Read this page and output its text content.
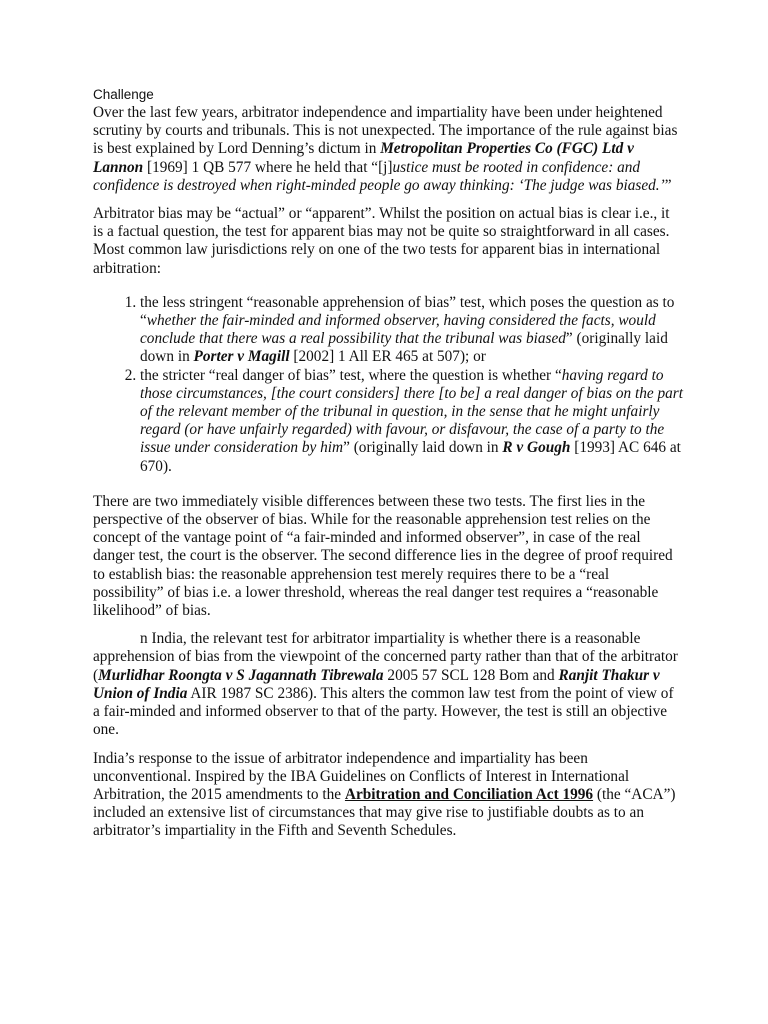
Challenge

Over the last few years, arbitrator independence and impartiality have been under heightened scrutiny by courts and tribunals. This is not unexpected. The importance of the rule against bias is best explained by Lord Denning’s dictum in Metropolitan Properties Co (FGC) Ltd v Lannon [1969] 1 QB 577 where he held that “[j]ustice must be rooted in confidence: and confidence is destroyed when right-minded people go away thinking: ‘The judge was biased.’”

Arbitrator bias may be “actual” or “apparent”. Whilst the position on actual bias is clear i.e., it is a factual question, the test for apparent bias may not be quite so straightforward in all cases. Most common law jurisdictions rely on one of the two tests for apparent bias in international arbitration:

1. the less stringent “reasonable apprehension of bias” test, which poses the question as to “whether the fair-minded and informed observer, having considered the facts, would conclude that there was a real possibility that the tribunal was biased” (originally laid down in Porter v Magill [2002] 1 All ER 465 at 507); or
2. the stricter “real danger of bias” test, where the question is whether “having regard to those circumstances, [the court considers] there [to be] a real danger of bias on the part of the relevant member of the tribunal in question, in the sense that he might unfairly regard (or have unfairly regarded) with favour, or disfavour, the case of a party to the issue under consideration by him” (originally laid down in R v Gough [1993] AC 646 at 670).

There are two immediately visible differences between these two tests. The first lies in the perspective of the observer of bias. While for the reasonable apprehension test relies on the concept of the vantage point of “a fair-minded and informed observer”, in case of the real danger test, the court is the observer. The second difference lies in the degree of proof required to establish bias: the reasonable apprehension test merely requires there to be a “real possibility” of bias i.e. a lower threshold, whereas the real danger test requires a “reasonable likelihood” of bias.

n India, the relevant test for arbitrator impartiality is whether there is a reasonable apprehension of bias from the viewpoint of the concerned party rather than that of the arbitrator (Murlidhar Roongta v S Jagannath Tibrewala 2005 57 SCL 128 Bom and Ranjit Thakur v Union of India AIR 1987 SC 2386). This alters the common law test from the point of view of a fair-minded and informed observer to that of the party. However, the test is still an objective one.

India’s response to the issue of arbitrator independence and impartiality has been unconventional. Inspired by the IBA Guidelines on Conflicts of Interest in International Arbitration, the 2015 amendments to the Arbitration and Conciliation Act 1996 (the “ACA”) included an extensive list of circumstances that may give rise to justifiable doubts as to an arbitrator’s impartiality in the Fifth and Seventh Schedules.
